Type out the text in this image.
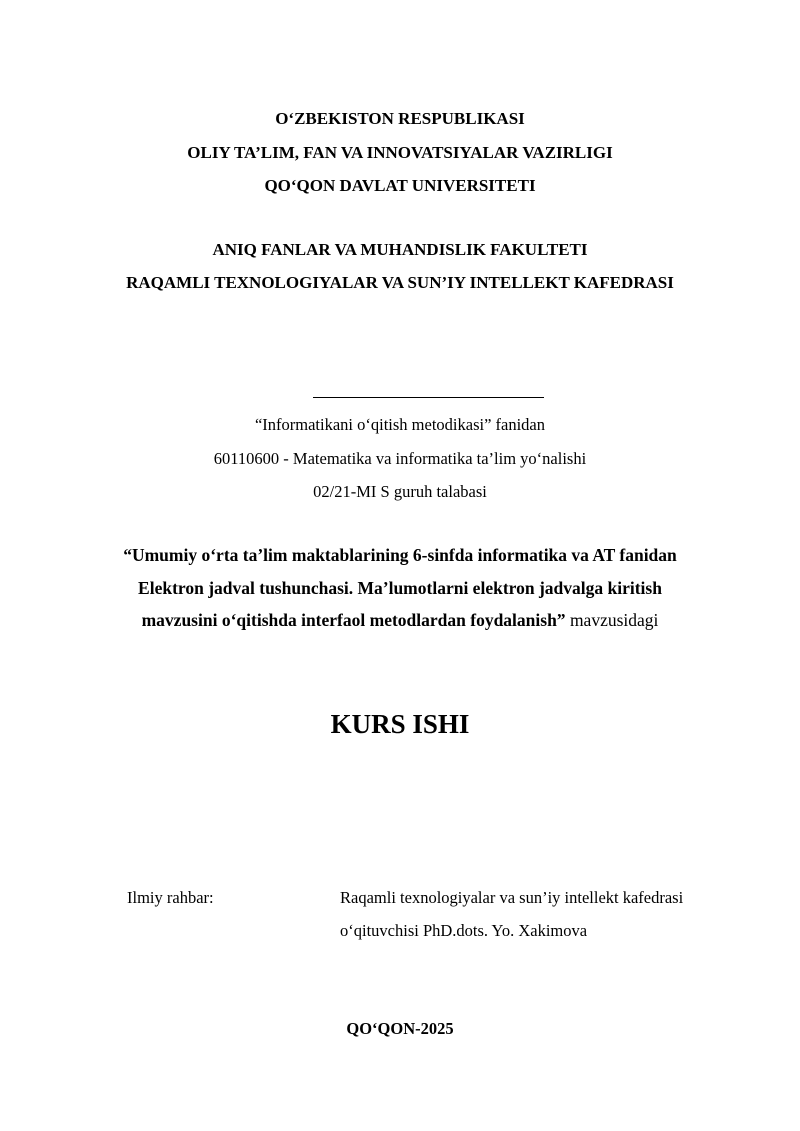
O‘ZBEKISTON RESPUBLIKASI
OLIY TA’LIM, FAN VA INNOVATSIYALAR VAZIRLIGI
QO‘QON DAVLAT UNIVERSITETI
ANIQ FANLAR VA MUHANDISLIK FAKULTETI
RAQAMLI TEXNOLOGIYALAR VA SUN’IY INTELLEKT KAFEDRASI
“Informatikani o‘qitish metodikasi” fanidan
60110600 - Matematika va informatika ta’lim yo‘nalishi
02/21-MI S guruh talabasi
“Umumiy o‘rta ta’lim maktablarining 6-sinfda informatika va AT fanidan
Elektron jadval tushunchasi. Ma’lumotlarni elektron jadvalga kiritish
mavzusini o‘qitishda interfaol metodlardan foydalanish” mavzusidagi
KURS ISHI
Ilmiy rahbar:	Raqamli texnologiyalar va sun’iy intellekt kafedrasi
o‘qituvchisi PhD.dots. Yo. Xakimova
QO‘QON-2025
